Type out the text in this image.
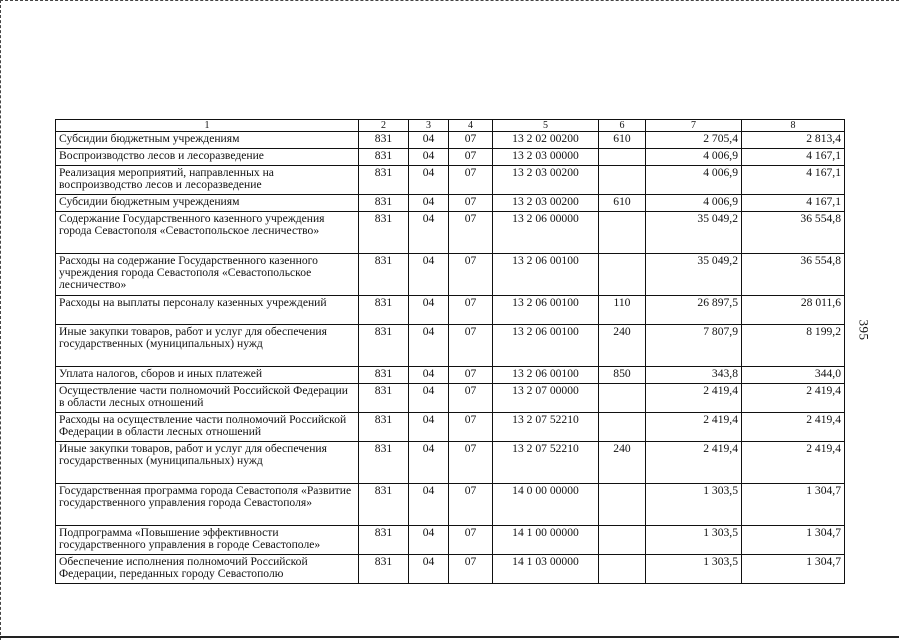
395
1	2	3	4	5	6	7	8
Субсидии бюджетным учреждениям	831	04	07	13 2 02 00200	610	2 705,4	2 813,4
Воспроизводство лесов и лесоразведение	831	04	07	13 2 03 00000		4 006,9	4 167,1
Реализация мероприятий, направленных на воспроизводство лесов и лесоразведение	831	04	07	13 2 03 00200		4 006,9	4 167,1
Субсидии бюджетным учреждениям	831	04	07	13 2 03 00200	610	4 006,9	4 167,1
Содержание Государственного казенного учреждения города Севастополя «Севастопольское лесничество»	831	04	07	13 2 06 00000		35 049,2	36 554,8
Расходы на содержание Государственного казенного учреждения города Севастополя «Севастопольское лесничество»	831	04	07	13 2 06 00100		35 049,2	36 554,8
Расходы на выплаты персоналу казенных учреждений	831	04	07	13 2 06 00100	110	26 897,5	28 011,6
Иные закупки товаров, работ и услуг для обеспечения государственных (муниципальных) нужд	831	04	07	13 2 06 00100	240	7 807,9	8 199,2
Уплата налогов, сборов и иных платежей	831	04	07	13 2 06 00100	850	343,8	344,0
Осуществление части полномочий Российской Федерации в области лесных отношений	831	04	07	13 2 07 00000		2 419,4	2 419,4
Расходы на осуществление части полномочий Российской Федерации в области лесных отношений	831	04	07	13 2 07 52210		2 419,4	2 419,4
Иные закупки товаров, работ и услуг для обеспечения государственных (муниципальных) нужд	831	04	07	13 2 07 52210	240	2 419,4	2 419,4
Государственная программа города Севастополя «Развитие государственного управления города Севастополя»	831	04	07	14 0 00 00000		1 303,5	1 304,7
Подпрограмма «Повышение эффективности государственного управления в городе Севастополе»	831	04	07	14 1 00 00000		1 303,5	1 304,7
Обеспечение исполнения полномочий Российской Федерации, переданных городу Севастополю	831	04	07	14 1 03 00000		1 303,5	1 304,7
